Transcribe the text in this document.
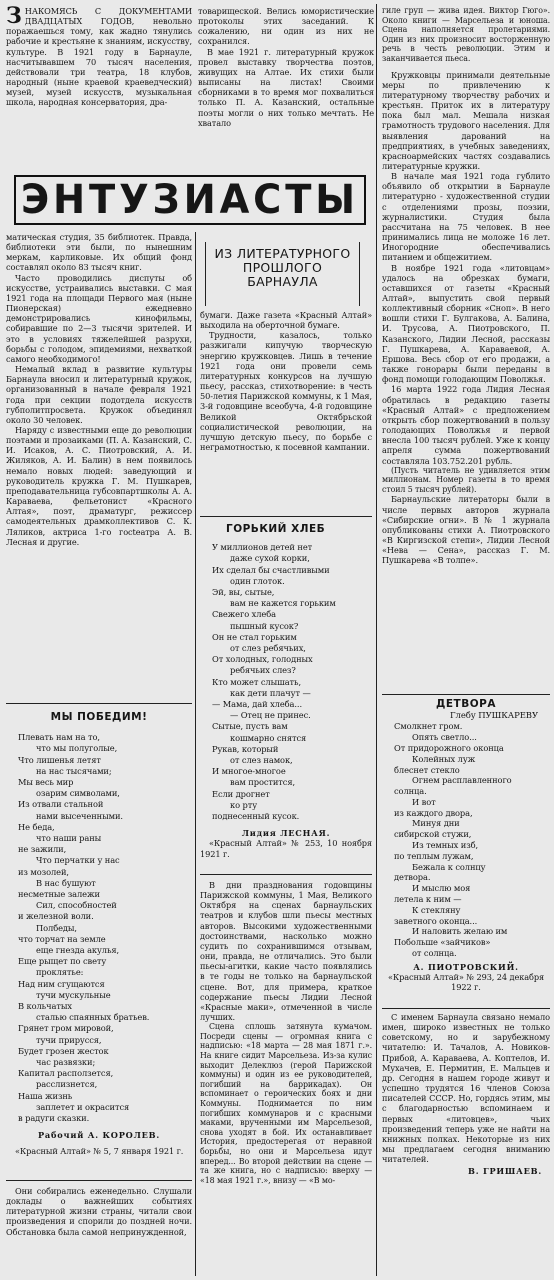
ЗНАКОМЯСЬ С ДОКУМЕНТАМИ ДВАДЦАТЫХ ГОДОВ, невольно поражаешься тому, как жадно тянулись рабочие и крестьяне к знаниям, искусству, культуре. В 1921 году в Барнауле, насчитывавшем 70 тысяч населения, действовали три театра, 18 клубов, народный (ныне краевой краеведческий) музей, музей искусств, музыкальная школа, народная консерватория, дра-

товарищеской. Велись юмористические протоколы этих заседаний. К сожалению, ни один из них не сохранился.

В мае 1921 г. литературный кружок провел выставку творчества поэтов, живущих на Алтае. Их стихи были выписаны на листах! Своими сборниками в то время мог похвалиться только П. А. Казанский, остальные поэты могли о них только мечтать. Не хватало

ЭНТУЗИАСТЫ
ИЗ ЛИТЕРАТУРНОГО
ПРОШЛОГО
БАРНАУЛА

матическая студия, 35 библиотек. Правда, библиотеки эти были, по нынешним меркам, карликовые. Их общий фонд составлял около 83 тысяч книг.

Часто проводились диспуты об искусстве, устраивались выставки. С мая 1921 года на площади Первого мая (ныне Пионерская) ежедневно демонстрировались кинофильмы, собиравшие по 2—3 тысячи зрителей. И это в условиях тяжелейшей разрухи, борьбы с голодом, эпидемиями, нехваткой самого необходимого!

Немалый вклад в развитие культуры Барнаула вносил и литературный кружок, организованный в начале февраля 1921 года при секции подотдела искусств губполитпросвета. Кружок объединял около 30 человек.

Наряду с известными еще до революции поэтами и прозаиками (П. А. Казанский, С. И. Исаков, А. С. Пиотровский, А. И. Жиляков, А. И. Балин) в нем появилось немало новых людей: заведующий и руководитель кружка Г. М. Пушкарев, преподавательница губсовпартшколы А. А. Караваева, фельетонист «Красного Алтая», поэт, драматург, режиссер самодеятельных драмколлективов С. К. Ляликов, актриса 1-го госteатра А. В. Лесная и другие.

МЫ ПОБЕДИМ!
Плевать нам на то,
что мы полуголые,
Что лишенья летят
на нас тысячами;
Мы весь мир
озарим символами,
Из отвали стальной
нами высеченными.
Не беда,
что наши раны
не зажили,
Что перчатки у нас
из мозолей,
В нас бушуют
несметные залежи
Сил, способностей
и железной воли.
Полбеды,
что торчат на земле
еще гнезда акулья,
Еще рыщет по свету
проклятье:
Над ним сгущаются
тучи мускульные
В кольчатых
сталью спаянных братьев.
Грянет гром мировой,
тучи прирусся,
Будет грозен жесток
час развязки;
Капитал расползется,
расслизнется,
Наша жизнь
заплетет и окрасится
в радуги сказки.
Рабочий А. КОРОЛЕВ.

«Красный Алтай» № 5, 7 января 1921 г.

Они собирались еженедельно. Слушали доклады о важнейших событиях литературной жизни страны, читали свои произведения и спорили до поздней ночи. Обстановка была самой непринужденной,

бумаги. Даже газета «Красный Алтай» выходила на оберточной бумаге.

Трудности, казалось, только разжигали кипучую творческую энергию кружковцев. Лишь в течение 1921 года они провели семь литературных конкурсов на лучшую пьесу, рассказ, стихотворение: в честь 50-летия Парижской коммуны, к 1 Мая, 3-й годовщине всеобуча, 4-й годовщине Великой Октябрьской социалистической революции, на лучшую детскую пьесу, по борьбе с неграмотностью, к посевной кампании.

ГОРЬКИЙ ХЛЕБ
У миллионов детей нет
даже сухой корки,
Их сделал бы счастливыми
один глоток.
Эй, вы, сытые,
вам не кажется горьким
Свежего хлеба
пышный кусок?
Он не стал горьким
от слез ребячьих,
От холодных, голодных
ребячьих слез?
Кто может слышать,
как дети плачут —
— Мама, дай хлеба...
— Отец не принес.
Сытые, пусть вам
кошмарно снятся
Рукав, который
от слез намок,
И многоe-многое
вам простится,
Если дрогнет
ко рту
поднесенный кусок.
Лидия ЛЕСНАЯ.

«Красный Алтай» № 253, 10 ноября 1921 г.

В дни празднования годовщины Парижской коммуны, 1 Мая, Великого Октября на сценах барнаульских театров и клубов шли пьесы местных авторов. Высокими художественными достоинствами, насколько можно судить по сохранившимся отзывам, они, правда, не отличались. Это были пьесы-агитки, какие часто появлялись в те годы не только на барнаульской сцене. Вот, для примера, краткое содержание пьесы Лидии Лесной «Красные маки», отмеченной в числе лучших.

Сцена сплошь затянута кумачом. Посреди сцены — огромная книга с надписью: «18 марта — 28 мая 1871 г.». На книге сидит Марсельеза. Из-за кулис выходит Делеклюз (герой Парижской коммуны) и один из ее руководителей, погибший на баррикадах). Он вспоминает о героических боях и дни Коммуны. Поднимается по ним погибших коммунаров и с красными маками, врученными им Марсельезой, снова уходят в бой. Их останавливает История, предостерегая от неравной борьбы, но они и Марсельеза идут вперед... Во второй действии на сцене — та же книга, но с надписью: вверху — «18 мая 1921 г.», внизу — «В мо-

гиле груп — живa идея. Виктор Гюго». Около книги — Марсельеза и юноша. Сцена наполняется пролетариями. Один из них произносит восторженную речь в честь революции. Этим и заканчивается пьеса.

Кружковцы принимали деятельные меры по привлечению к литературному творчеству рабочих и крестьян. Приток их в литературу пока был мал. Мешала низкая грамотность трудового населения. Для выявления дарований на предприятиях, в учебных заведениях, красноармейских частях создавались литературные кружки.

В начале мая 1921 года гублито объявило об открытии в Барнауле литературно - художественной студии с отделениями прозы, поэзии, журналистики. Студия была рассчитана на 75 человек. В нее принимались лица не моложе 16 лет. Иногородние обеспечивались питанием и общежитием.

В ноябре 1921 года «литовцам» удалось на обрезках бумаги, оставшихся от газеты «Красный Алтай», выпустить свой первый коллективный сборник «Сноп». В него вошли стихи Г. Булгакова, А. Балина, И. Трусова, А. Пиотровского, П. Казанского, Лидии Лесной, рассказы Г. Пушкарева, А. Караваевой, А. Ершова. Весь сбор от его продажи, а также гонорары были переданы в фонд помощи голодающим Поволжья.

16 марта 1922 года Лидия Лесная обратилась в редакцию газеты «Красный Алтай» с предложением открыть сбор пожертвований в пользу голодающих Поволжья и первой внесла 100 тысяч рублей. Уже к концу апреля сумма пожертвований составляла 103.752.201 рубль.

(Пусть читатель не удивляется этим миллионам. Номер газеты в то время стоил 5 тысяч рублей).

Барнаульские литераторы были в числе первых авторов журнала «Сибирские огни». В № 1 журнала опубликованы стихи А. Пиотровского «В Киргизской степи», Лидии Лесной «Нева — Сена», рассказ Г. М. Пушкарева «В толпе».

ДЕТВОРА
Глебу ПУШКАРЕВУ
Смолкнет гром.
Опять светло...
От придорожного оконца
Колейных луж
блеснет стекло
Огнем расплавленного
солнца.
И вот
из каждого двора,
Минуя дни
сибирской стужи,
Из темных изб,
по теплым лужам,
Бежала к солнцу
детвора.
И мыслю моя
летела к ним —
К стекляну
заветного оконца...
И наловить желаю им
Побольше «зайчиков»
от солнца.
А. ПИОТРОВСКИЙ.

«Красный Алтай» № 293, 24 декабря 1922 г.

С именем Барнаула связано немало имен, широко известных не только советскому, но и зарубежному читателю: И. Тачалов, А. Новиков-Прибой, А. Караваева, А. Коптелов, И. Мухачев, Е. Пермитин, Е. Мальцев и др. Сегодня в нашем городе живут и успешно трудятся 16 членов Союза писателей СССР. Но, гордясь этим, мы с благодарностью вспоминаем и первых «литовцев», чьих произведений теперь уже не найти на книжных полках. Некоторые из них мы предлагаем сегодня вниманию читателей.

В. ГРИШАЕВ.
